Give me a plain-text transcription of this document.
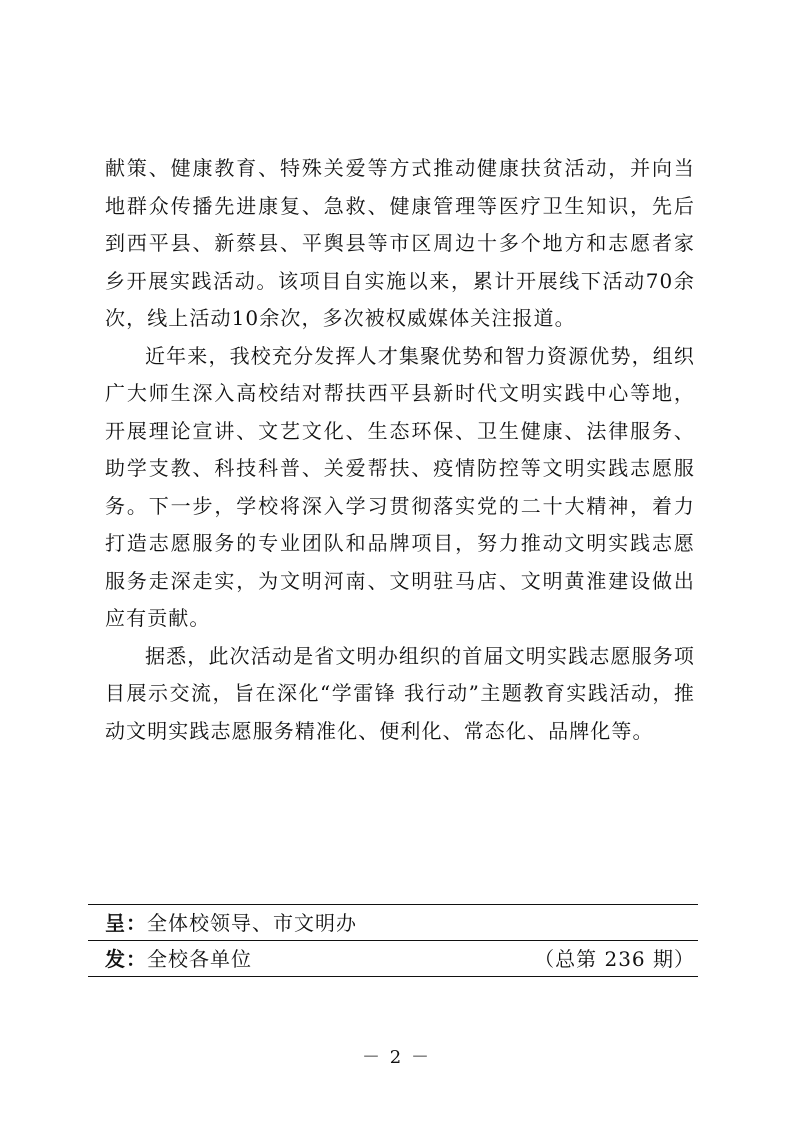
献策、健康教育、特殊关爱等方式推动健康扶贫活动，并向当地群众传播先进康复、急救、健康管理等医疗卫生知识，先后到西平县、新蔡县、平舆县等市区周边十多个地方和志愿者家乡开展实践活动。该项目自实施以来，累计开展线下活动70余次，线上活动10余次，多次被权威媒体关注报道。

近年来，我校充分发挥人才集聚优势和智力资源优势，组织广大师生深入高校结对帮扶西平县新时代文明实践中心等地，开展理论宣讲、文艺文化、生态环保、卫生健康、法律服务、助学支教、科技科普、关爱帮扶、疫情防控等文明实践志愿服务。下一步，学校将深入学习贯彻落实党的二十大精神，着力打造志愿服务的专业团队和品牌项目，努力推动文明实践志愿服务走深走实，为文明河南、文明驻马店、文明黄淮建设做出应有贡献。

据悉，此次活动是省文明办组织的首届文明实践志愿服务项目展示交流，旨在深化“学雷锋 我行动”主题教育实践活动，推动文明实践志愿服务精准化、便利化、常态化、品牌化等。

呈：全体校领导、市文明办
发：全校各单位	（总第 236 期）
－ 2 －
